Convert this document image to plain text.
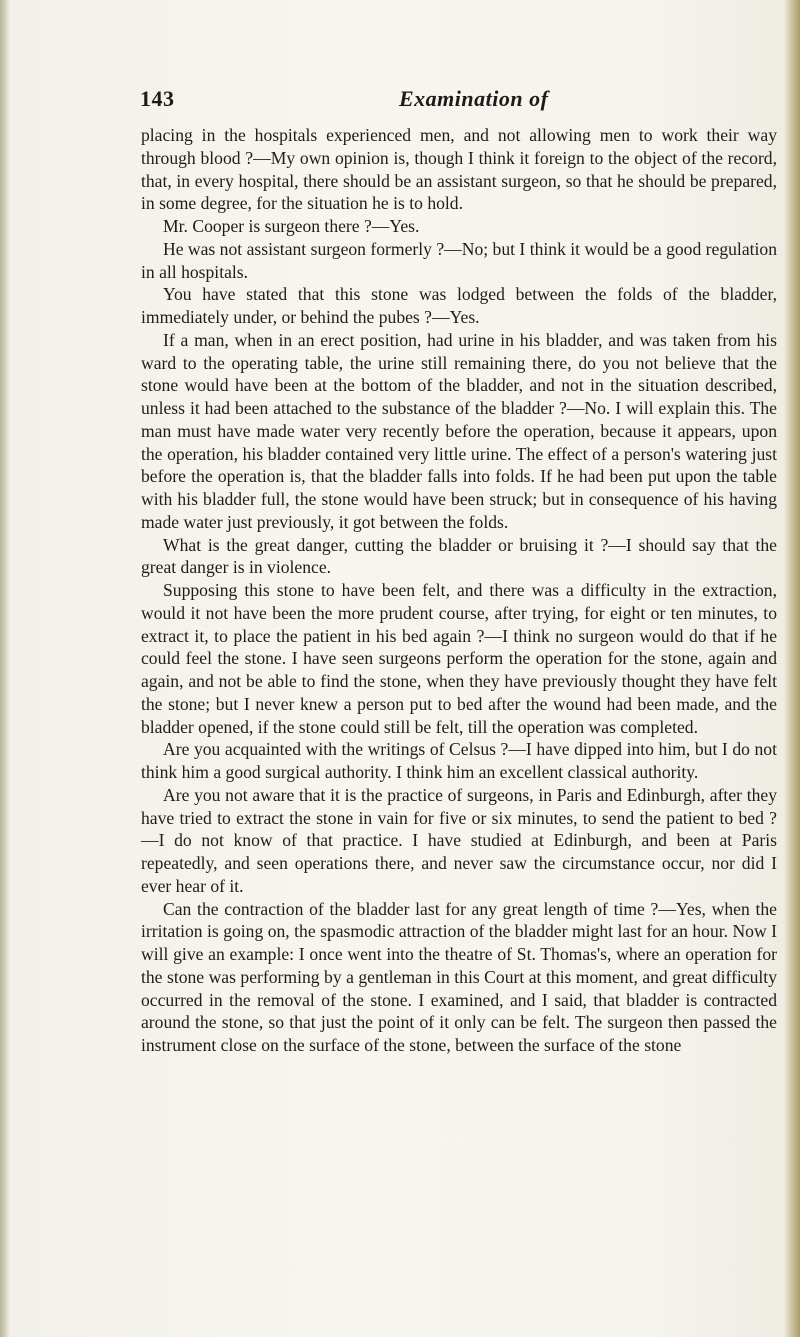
143	Examination of

placing in the hospitals experienced men, and not allowing men to work their way through blood ?—My own opinion is, though I think it foreign to the object of the record, that, in every hospital, there should be an assistant surgeon, so that he should be prepared, in some degree, for the situation he is to hold.

Mr. Cooper is surgeon there ?—Yes.

He was not assistant surgeon formerly ?—No; but I think it would be a good regulation in all hospitals.

You have stated that this stone was lodged between the folds of the bladder, immediately under, or behind the pubes ?—Yes.

If a man, when in an erect position, had urine in his bladder, and was taken from his ward to the operating table, the urine still remaining there, do you not believe that the stone would have been at the bottom of the bladder, and not in the situation described, unless it had been attached to the substance of the bladder ?—No. I will explain this. The man must have made water very recently before the operation, because it appears, upon the operation, his bladder contained very little urine. The effect of a person's watering just before the operation is, that the bladder falls into folds. If he had been put upon the table with his bladder full, the stone would have been struck; but in consequence of his having made water just previously, it got between the folds.

What is the great danger, cutting the bladder or bruising it ?—I should say that the great danger is in violence.

Supposing this stone to have been felt, and there was a difficulty in the extraction, would it not have been the more prudent course, after trying, for eight or ten minutes, to extract it, to place the patient in his bed again ?—I think no surgeon would do that if he could feel the stone. I have seen surgeons perform the operation for the stone, again and again, and not be able to find the stone, when they have previously thought they have felt the stone; but I never knew a person put to bed after the wound had been made, and the bladder opened, if the stone could still be felt, till the operation was completed.

Are you acquainted with the writings of Celsus ?—I have dipped into him, but I do not think him a good surgical authority. I think him an excellent classical authority.

Are you not aware that it is the practice of surgeons, in Paris and Edinburgh, after they have tried to extract the stone in vain for five or six minutes, to send the patient to bed ?—I do not know of that practice. I have studied at Edinburgh, and been at Paris repeatedly, and seen operations there, and never saw the circumstance occur, nor did I ever hear of it.

Can the contraction of the bladder last for any great length of time ?—Yes, when the irritation is going on, the spasmodic attraction of the bladder might last for an hour. Now I will give an example: I once went into the theatre of St. Thomas's, where an operation for the stone was performing by a gentleman in this Court at this moment, and great difficulty occurred in the removal of the stone. I examined, and I said, that bladder is contracted around the stone, so that just the point of it only can be felt. The surgeon then passed the instrument close on the surface of the stone, between the surface of the stone
